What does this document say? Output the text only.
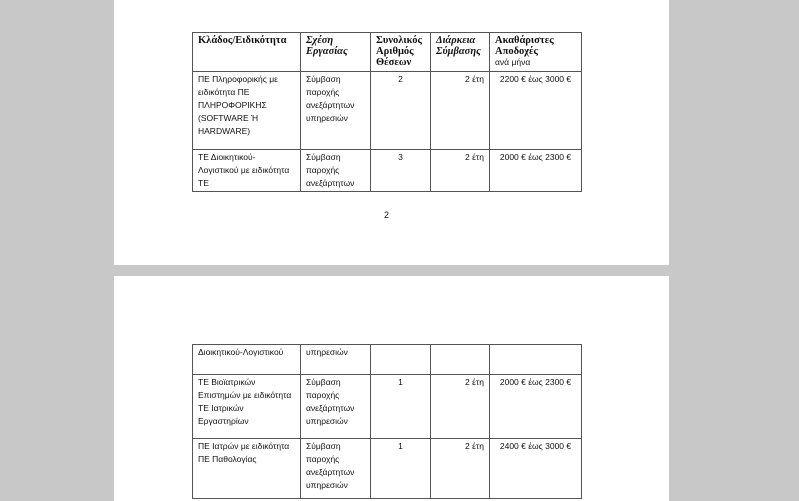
Κλάδος/Ειδικότητα	Σχέση Εργασίας	Συνολικός Αριθμός Θέσεων	Διάρκεια Σύμβασης	Ακαθάριστες Αποδοχές
ανά μήνα

ΠΕ Πληροφορικής με ειδικότητα ΠΕ ΠΛΗΡΟΦΟΡΙΚΗΣ (SOFTWARE Ή HARDWARE)	Σύμβαση παροχής ανεξάρτητων υπηρεσιών	2	2 έτη	2200 € έως 3000 €
ΤΕ Διοικητικού-Λογιστικού με ειδικότητα ΤΕ	Σύμβαση παροχής ανεξάρτητων	3	2 έτη	2000 € έως 2300 €
2
Διοικητικού-Λογιστικού	υπηρεσιών			
ΤΕ Βιοϊατρικών Επιστημών με ειδικότητα ΤΕ Ιατρικών Εργαστηρίων	Σύμβαση παροχής ανεξάρτητων υπηρεσιών	1	2 έτη	2000 € έως 2300 €
ΠΕ Ιατρών με ειδικότητα ΠΕ Παθολογίας	Σύμβαση παροχής ανεξάρτητων υπηρεσιών	1	2 έτη	2400 € έως 3000 €
